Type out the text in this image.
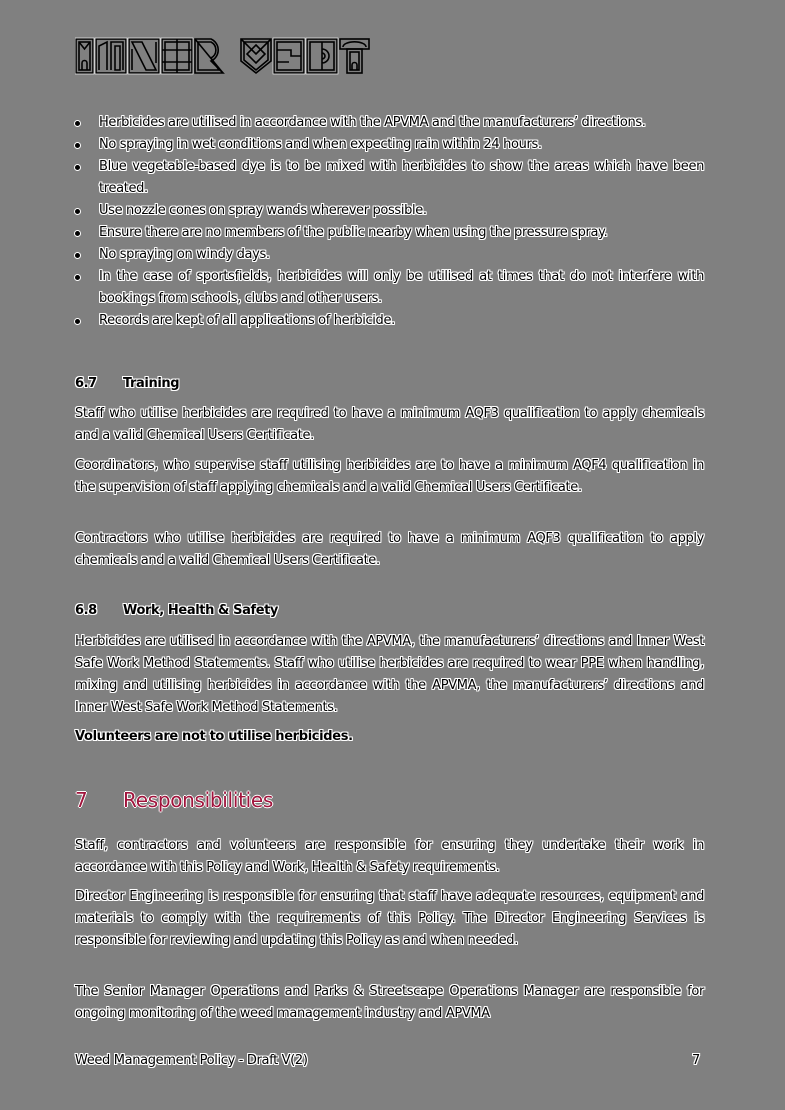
Herbicides are utilised in accordance with the APVMA and the manufacturers’ directions.
No spraying in wet conditions and when expecting rain within 24 hours.
Blue vegetable-based dye is to be mixed with herbicides to show the areas which have been treated.
Use nozzle cones on spray wands wherever possible.
Ensure there are no members of the public nearby when using the pressure spray.
No spraying on windy days.
In the case of sportsfields, herbicides will only be utilised at times that do not interfere with bookings from schools, clubs and other users.
Records are kept of all applications of herbicide.
6.7 Training

Staff who utilise herbicides are required to have a minimum AQF3 qualification to apply chemicals and a valid Chemical Users Certificate.

Coordinators, who supervise staff utilising herbicides are to have a minimum AQF4 qualification in the supervision of staff applying chemicals and a valid Chemical Users Certificate.

Contractors who utilise herbicides are required to have a minimum AQF3 qualification to apply chemicals and a valid Chemical Users Certificate.

6.8 Work, Health & Safety

Herbicides are utilised in accordance with the APVMA, the manufacturers’ directions and Inner West Safe Work Method Statements. Staff who utilise herbicides are required to wear PPE when handling, mixing and utilising herbicides in accordance with the APVMA, the manufacturers’ directions and Inner West Safe Work Method Statements.

Volunteers are not to utilise herbicides.

7 Responsibilities

Staff, contractors and volunteers are responsible for ensuring they undertake their work in accordance with this Policy and Work, Health & Safety requirements.

Director Engineering is responsible for ensuring that staff have adequate resources, equipment and materials to comply with the requirements of this Policy. The Director Engineering Services is responsible for reviewing and updating this Policy as and when needed.

The Senior Manager Operations and Parks & Streetscape Operations Manager are responsible for ongoing monitoring of the weed management industry and APVMA

Weed Management Policy - Draft V(2)	7
